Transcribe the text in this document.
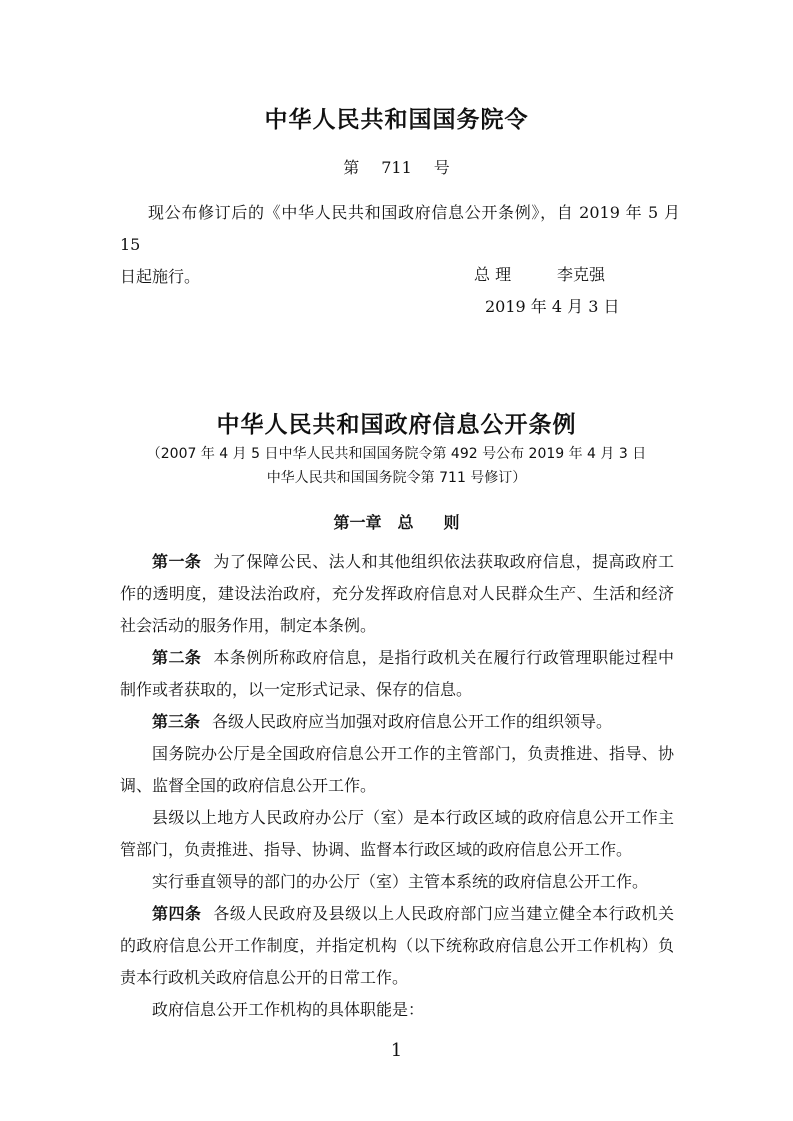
中华人民共和国国务院令
第 711 号

现公布修订后的《中华人民共和国政府信息公开条例》，自 2019 年 5 月 15

日起施行。	总 理	李克强
2019 年 4 月 3 日
中华人民共和国政府信息公开条例
（2007 年 4 月 5 日中华人民共和国国务院令第 492 号公布 2019 年 4 月 3 日
中华人民共和国国务院令第 711 号修订）
第一章 总 则

第一条 为了保障公民、法人和其他组织依法获取政府信息，提高政府工作的透明度，建设法治政府，充分发挥政府信息对人民群众生产、生活和经济社会活动的服务作用，制定本条例。

第二条 本条例所称政府信息，是指行政机关在履行行政管理职能过程中制作或者获取的，以一定形式记录、保存的信息。

第三条 各级人民政府应当加强对政府信息公开工作的组织领导。

国务院办公厅是全国政府信息公开工作的主管部门，负责推进、指导、协调、监督全国的政府信息公开工作。

县级以上地方人民政府办公厅（室）是本行政区域的政府信息公开工作主管部门，负责推进、指导、协调、监督本行政区域的政府信息公开工作。

实行垂直领导的部门的办公厅（室）主管本系统的政府信息公开工作。

第四条 各级人民政府及县级以上人民政府部门应当建立健全本行政机关的政府信息公开工作制度，并指定机构（以下统称政府信息公开工作机构）负责本行政机关政府信息公开的日常工作。

政府信息公开工作机构的具体职能是：

1
